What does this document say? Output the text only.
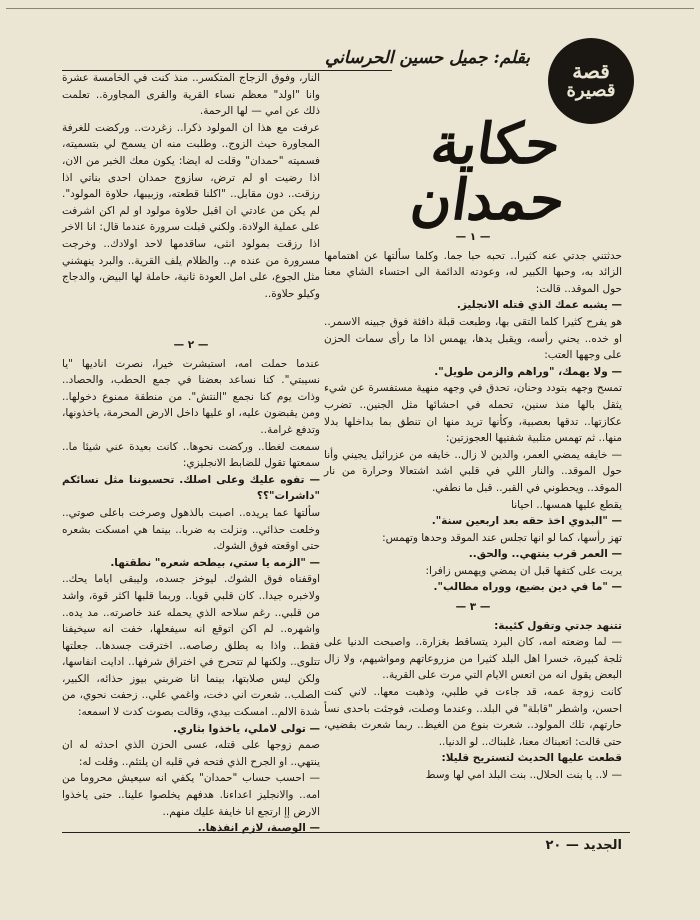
بقلم: جميل حسين الحرساني
قصة
قصيرة
حكاية حمدان

— ١ —

حدثتني جدتي عنه كثيرا.. تحبه حبا جما. وكلما سألتها عن اهتمامها الزائد به، وحبها الكبير له، وعودته الدائمة الى احتساء الشاي معنا حول الموقد.. قالت:

— يشبه عمك الذي قتله الانجليز.

هو يفرح كثيرا كلما التقى بها، وطبعت قبلة دافئة فوق جبينه الاسمر.. او خده.. يحني رأسه، ويقبل يدها، يهمس اذا ما رأى سمات الحزن على وجهها العتب:

— ولا يهمك، "وراهم والزمن طويل".

تمسح وجهه بتودد وحنان، تحدق في وجهه منهية مستفسرة عن شيء يثقل بالها منذ سنين، تحمله في احشائها مثل الجنين.. تضرب عكازتها.. تدقها بعصبية، وكأنها تريد منها ان تنطق بما بداخلها بدلا منها.. ثم تهمس متلبية شفتيها العجوزتين:

— خايفه يمضي العمر، والدين لا زال.. خايفه من عزرائيل يجيني وأنا حول الموقد.. والنار اللي في قلبي اشد اشتعالا وحرارة من نار الموقد.. ويحطوني في القبر.. قبل ما نطفي.

يقطع عليها همسها.. احيانا

— "البدوي اخذ حقه بعد اربعين سنة".

تهز رأسها، كما لو انها تجلس عند الموقد وحدها وتهمس:

— العمر قرب ينتهي.. والحق..

يربت على كتفها قبل ان يمضي ويهمس زافرا:

— "ما في دين بضيع، ووراه مطالب".

— ٣ —

تتنهد جدتي وتقول كئيبة:

— لما وضعته امه، كان البرد يتساقط بغزارة.. واصبحت الدنيا على ثلجة كبيرة، خسرا اهل البلد كثيرا من مزروعاتهم ومواشيهم، ولا زال البعض يقول انه من اتعس الايام التي مرت على القرية..

كانت زوجة عمه، قد جاءت في طلبي، وذهبت معها.. لاني كنت احسن، واشطر "قابلة" في البلد.. وعندما وصلت، فوجئت باحدى نسأ حارتهم، تلك المولود.. شعرت بنوع من الغيظ.. ربما شعرت بقضيي، حتى قالت: اتعبناك معنا، غلبناك.. لو الدنيا..

قطعت عليها الحديث لتستريح قليلا:

— لا.. يا بنت الحلال.. بنت البلد امي لها وسط

النار، وفوق الزجاج المتكسر.. منذ كنت في الخامسة عشرة وانا "اولد" معظم نساء القرية والقرى المجاورة.. تعلمت ذلك عن امي — لها الرحمة.

عرفت مع هذا ان المولود ذكرا.. زغردت.. وركضت للغرفة المجاورة حيث الزوج.. وطلبت منه ان يسمح لي بتسميته، فسميته "حمدان" وقلت له ايضا: يكون معك الخبر من الان، اذا رضيت او لم ترض، سازوج حمدان احدى بناتي اذا رزقت.. دون مقابل.. "اكلنا قطعته، وزبيبها، حلاوة المولود". لم يكن من عادتي ان اقبل حلاوة مولود او لم اكن اشرفت على عملية الولادة. ولكني قبلت سرورة عندما قال: انا الاخر اذا رزقت بمولود انثى، ساقدمها لاحد اولادك.. وخرجت مسرورة من عنده م.. والظلام يلف القرية.. والبرد ينهشني مثل الجوع، على امل العودة ثانية، حاملة لها البيض، والدجاج وكيلو حلاوة..

— ٢ —

عندما حملت امه، استبشرت خيرا، نصرت اناديها "يا نسيبتي". كنا نساعد بعضنا في جمع الحطب، والحصاد.. وذات يوم كنا نجمع "النتش". من منطقة ممنوع دخولها.. ومن يقبضون عليه، او عليها داخل الارض المحرمة، ياخذونها، وتدفع غرامة..

سمعت لغطا.. وركضت نحوها.. كانت بعيدة عني شيئا ما.. سمعتها تقول للضابط الانجليزي:

— تفوه عليك وعلى اصلك. تحسبوننا مثل نسائكم "داشرات"؟؟

سألتها عما يريده.. اصبت بالذهول وصرخت باعلى صوتي.. وخلعت حذائي.. ونزلت به ضربا.. بينما هي امسكت بشعره حتى اوقعته فوق الشوك.

— "الزمه يا ستي، بيطحه شعره" نطقتها.

اوقفناه فوق الشوك. ليوخز جسده، وليبقى اياما يحك.. ولاخبره جيدا.. كان قلبي قويا.. وربما قلبها اكثر قوة، واشد من قلبي.. رغم سلاحه الذي يحمله عند خاصرته.. مد يده.. واشهره.. لم اكن اتوقع انه سيفعلها، خفت انه سيخيفنا فقط.. واذا به يطلق رصاصه.. اخترقت جسدها.. جعلتها تتلوى.. ولكنها لم تتحرج في اختراق شرفها.. ادايت انفاسها، ولكن ليس صلابتها، بينما انا ضربني بيوز حذائه، الكبير، الصلب.. شعرت اني دخت، واغمي علي.. زحفت نحوي، من شدة الالم.. امسكت بيدي، وقالت بصوت كدت لا اسمعه:

— تولى لاملي، ياخذوا بثاري.

صمم زوجها على قتله، عسى الحزن الذي احدثه له ان ينتهي.. او الجرح الذي فتحه في قلبه ان يلتئم.. وقلت له:

— احسب حساب "حمدان" يكفي انه سيعيش محروما من امه.. والانجليز اعداءنا. هدفهم يخلصوا علينا.. حتى ياخذوا الارض إإ ارتجع انا خايفة عليك منهم..

— الوصية، لازم انفذها..

الجديد — ٢٠
